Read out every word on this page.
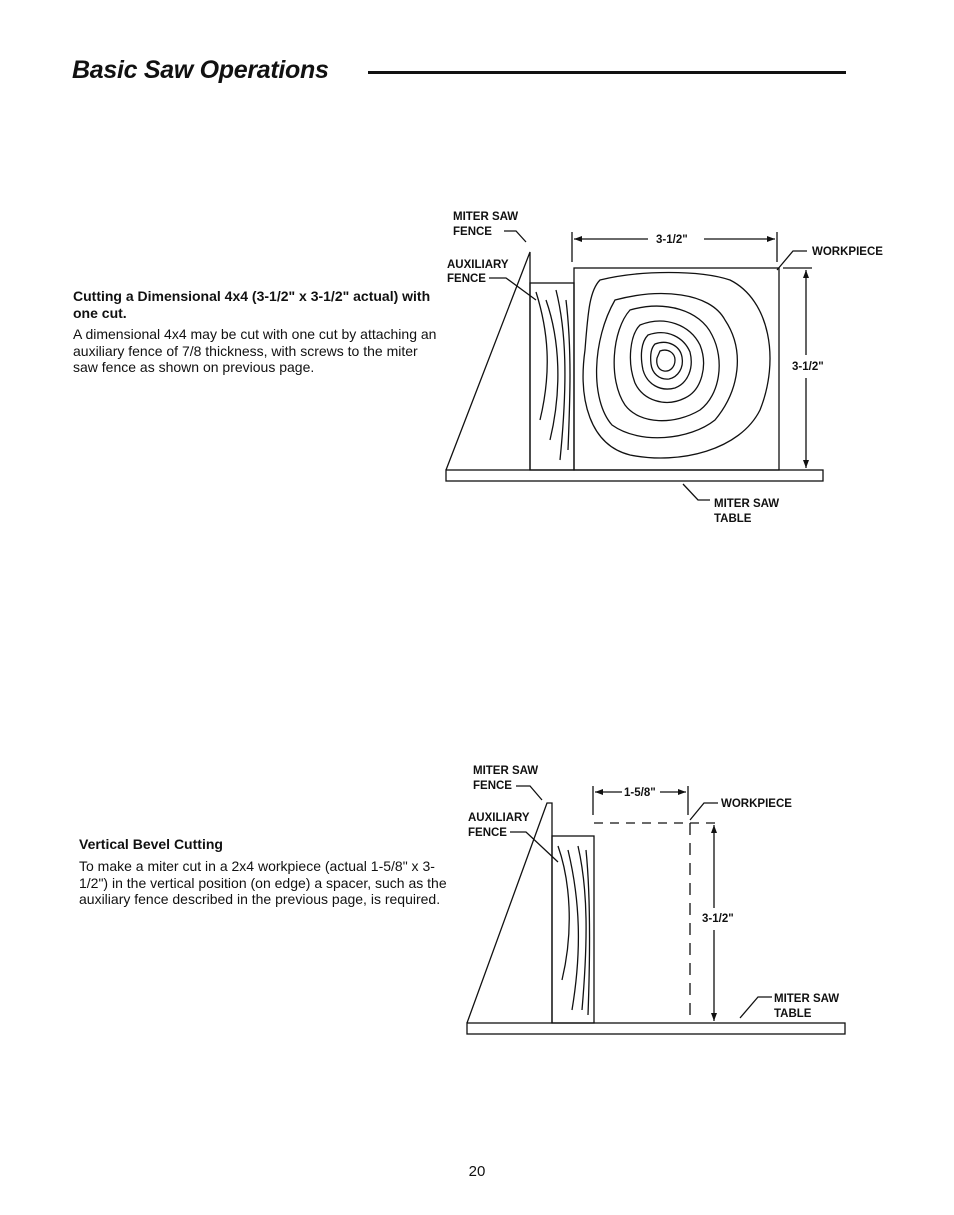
Basic Saw Operations
Cutting a Dimensional 4x4 (3-1/2" x 3-1/2" actual) with one cut.
A dimensional 4x4 may be cut with one cut by attaching an auxiliary fence of 7/8 thickness, with screws to the miter saw fence as shown on previous page.
MITER SAW
FENCE
AUXILIARY
FENCE
3-1/2"
WORKPIECE
3-1/2"
MITER SAW
TABLE
Vertical Bevel Cutting
To make a miter cut in a 2x4 workpiece (actual 1-5/8" x 3-1/2") in the vertical position (on edge) a spacer, such as the auxiliary fence described in the previous page, is required.
MITER SAW
FENCE
AUXILIARY
FENCE
1-5/8"
WORKPIECE
3-1/2"
MITER SAW
TABLE
20
